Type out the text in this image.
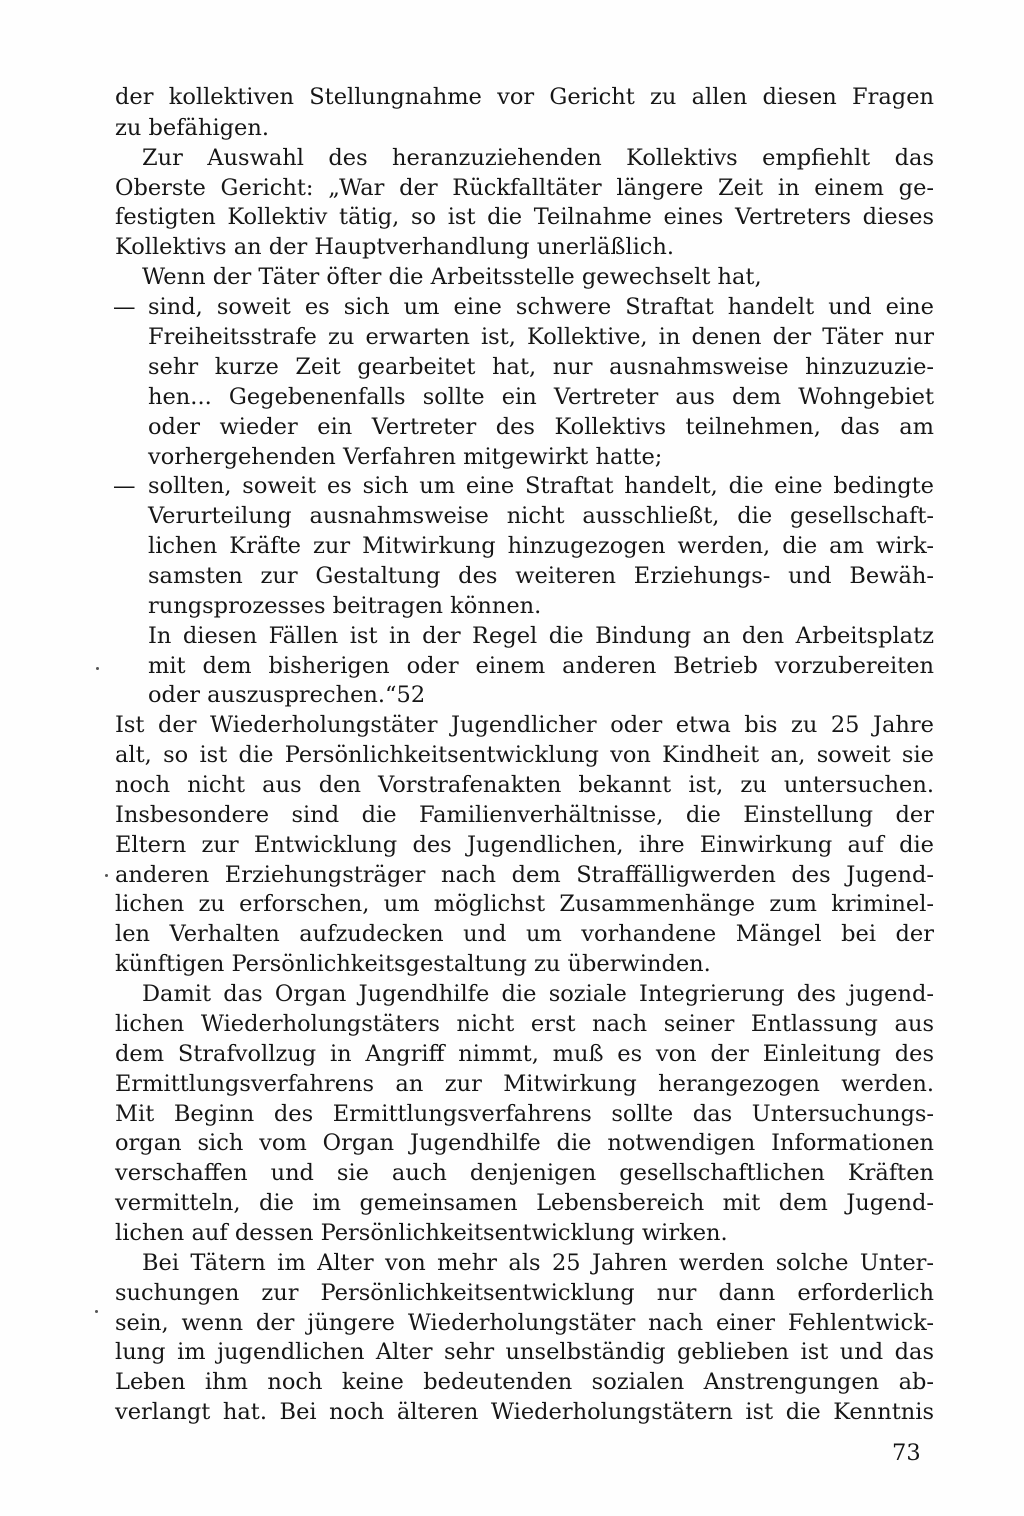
der kollektiven Stellungnahme vor Gericht zu allen diesen Fragen
zu befähigen.
Zur Auswahl des heranzuziehenden Kollektivs empfiehlt das
Oberste Gericht: „War der Rückfalltäter längere Zeit in einem ge-
festigten Kollektiv tätig, so ist die Teilnahme eines Vertreters dieses
Kollektivs an der Hauptverhandlung unerläßlich.
Wenn der Täter öfter die Arbeitsstelle gewechselt hat,
— sind, soweit es sich um eine schwere Straftat handelt und eine
Freiheitsstrafe zu erwarten ist, Kollektive, in denen der Täter nur
sehr kurze Zeit gearbeitet hat, nur ausnahmsweise hinzuzuzie-
hen... Gegebenenfalls sollte ein Vertreter aus dem Wohngebiet
oder wieder ein Vertreter des Kollektivs teilnehmen, das am
vorhergehenden Verfahren mitgewirkt hatte;
— sollten, soweit es sich um eine Straftat handelt, die eine bedingte
Verurteilung ausnahmsweise nicht ausschließt, die gesellschaft-
lichen Kräfte zur Mitwirkung hinzugezogen werden, die am wirk-
samsten zur Gestaltung des weiteren Erziehungs- und Bewäh-
rungsprozesses beitragen können.
In diesen Fällen ist in der Regel die Bindung an den Arbeitsplatz
mit dem bisherigen oder einem anderen Betrieb vorzubereiten
oder auszusprechen.“52
Ist der Wiederholungstäter Jugendlicher oder etwa bis zu 25 Jahre
alt, so ist die Persönlichkeitsentwicklung von Kindheit an, soweit sie
noch nicht aus den Vorstrafenakten bekannt ist, zu untersuchen.
Insbesondere sind die Familienverhältnisse, die Einstellung der
Eltern zur Entwicklung des Jugendlichen, ihre Einwirkung auf die
anderen Erziehungsträger nach dem Straffälligwerden des Jugend-
lichen zu erforschen, um möglichst Zusammenhänge zum kriminel-
len Verhalten aufzudecken und um vorhandene Mängel bei der
künftigen Persönlichkeitsgestaltung zu überwinden.
Damit das Organ Jugendhilfe die soziale Integrierung des jugend-
lichen Wiederholungstäters nicht erst nach seiner Entlassung aus
dem Strafvollzug in Angriff nimmt, muß es von der Einleitung des
Ermittlungsverfahrens an zur Mitwirkung herangezogen werden.
Mit Beginn des Ermittlungsverfahrens sollte das Untersuchungs-
organ sich vom Organ Jugendhilfe die notwendigen Informationen
verschaffen und sie auch denjenigen gesellschaftlichen Kräften
vermitteln, die im gemeinsamen Lebensbereich mit dem Jugend-
lichen auf dessen Persönlichkeitsentwicklung wirken.
Bei Tätern im Alter von mehr als 25 Jahren werden solche Unter-
suchungen zur Persönlichkeitsentwicklung nur dann erforderlich
sein, wenn der jüngere Wiederholungstäter nach einer Fehlentwick-
lung im jugendlichen Alter sehr unselbständig geblieben ist und das
Leben ihm noch keine bedeutenden sozialen Anstrengungen ab-
verlangt hat. Bei noch älteren Wiederholungstätern ist die Kenntnis
73
